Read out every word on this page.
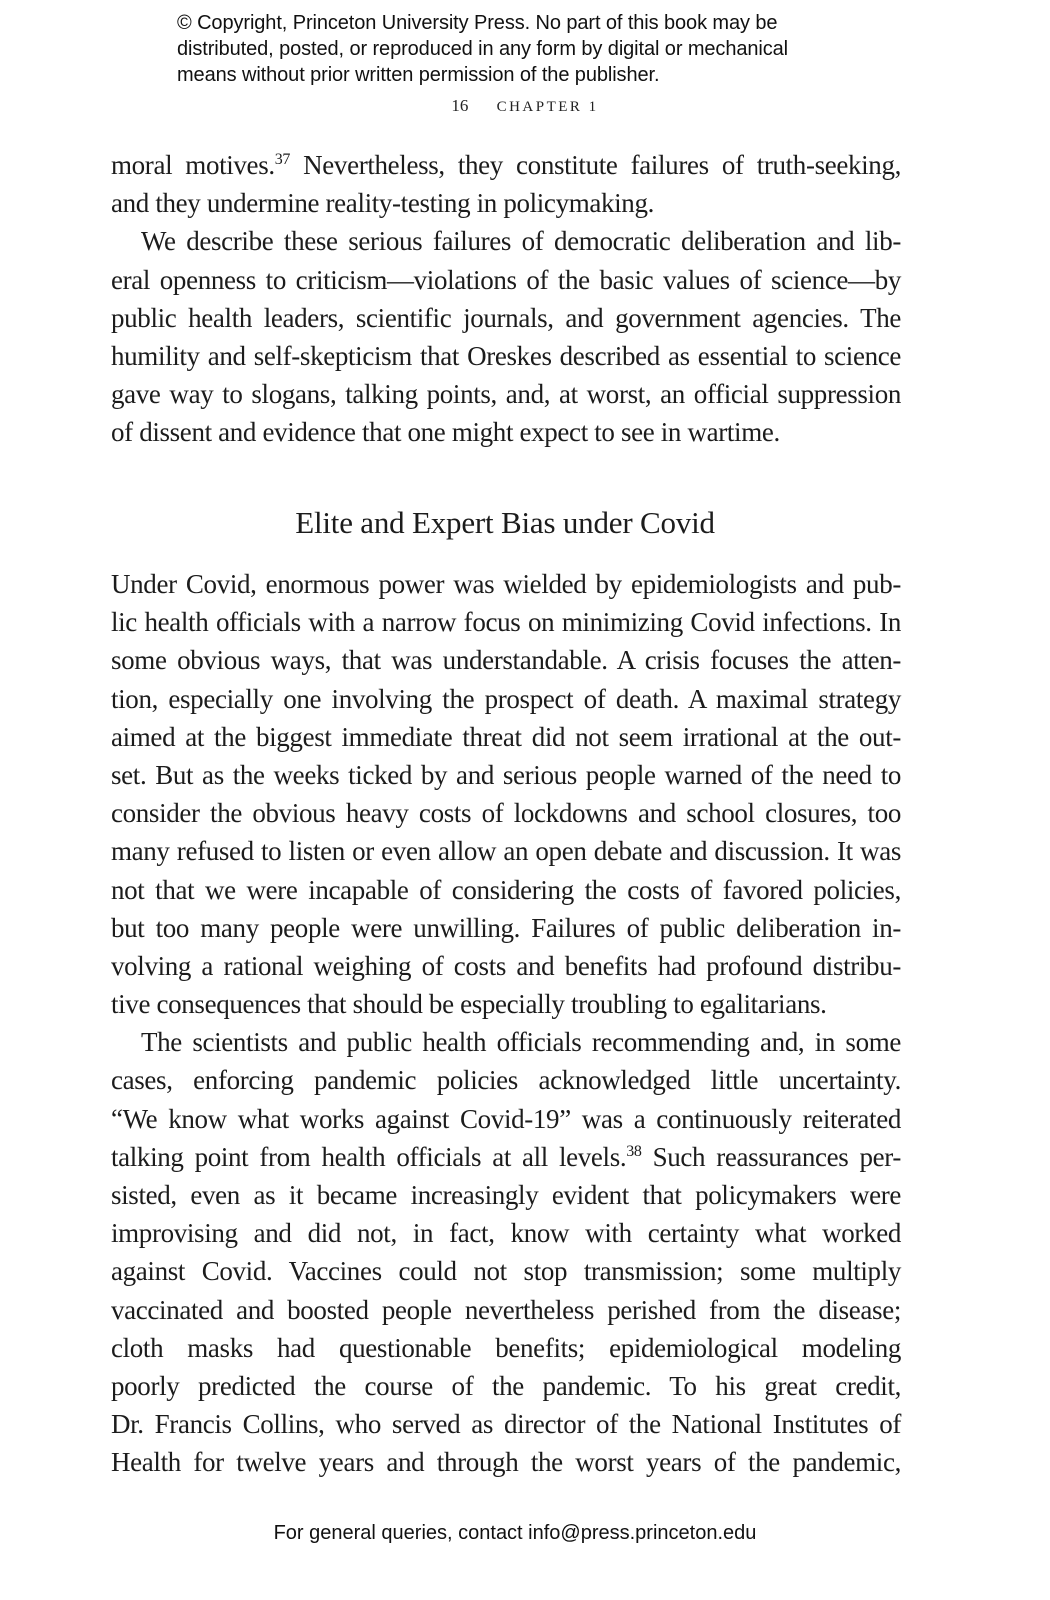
© Copyright, Princeton University Press. No part of this book may be
distributed, posted, or reproduced in any form by digital or mechanical
means without prior written permission of the publisher.
16 CHAPTER 1
moral motives.$^{37}$ Nevertheless, they constitute failures of truth-seeking,
and they undermine reality-testing in policymaking.
We describe these serious failures of democratic deliberation and lib-
eral openness to criticism—violations of the basic values of science—by
public health leaders, scientific journals, and government agencies. The
humility and self-skepticism that Oreskes described as essential to science
gave way to slogans, talking points, and, at worst, an official suppression
of dissent and evidence that one might expect to see in wartime.
Elite and Expert Bias under Covid
Under Covid, enormous power was wielded by epidemiologists and pub-
lic health officials with a narrow focus on minimizing Covid infections. In
some obvious ways, that was understandable. A crisis focuses the atten-
tion, especially one involving the prospect of death. A maximal strategy
aimed at the biggest immediate threat did not seem irrational at the out-
set. But as the weeks ticked by and serious people warned of the need to
consider the obvious heavy costs of lockdowns and school closures, too
many refused to listen or even allow an open debate and discussion. It was
not that we were incapable of considering the costs of favored policies,
but too many people were unwilling. Failures of public deliberation in-
volving a rational weighing of costs and benefits had profound distribu-
tive consequences that should be especially troubling to egalitarians.
The scientists and public health officials recommending and, in some
cases, enforcing pandemic policies acknowledged little uncertainty.
“We know what works against Covid-19” was a continuously reiterated
talking point from health officials at all levels.$^{38}$ Such reassurances per-
sisted, even as it became increasingly evident that policymakers were
improvising and did not, in fact, know with certainty what worked
against Covid. Vaccines could not stop transmission; some multiply
vaccinated and boosted people nevertheless perished from the disease;
cloth masks had questionable benefits; epidemiological modeling
poorly predicted the course of the pandemic. To his great credit,
Dr. Francis Collins, who served as director of the National Institutes of
Health for twelve years and through the worst years of the pandemic,
For general queries, contact info@press.princeton.edu
